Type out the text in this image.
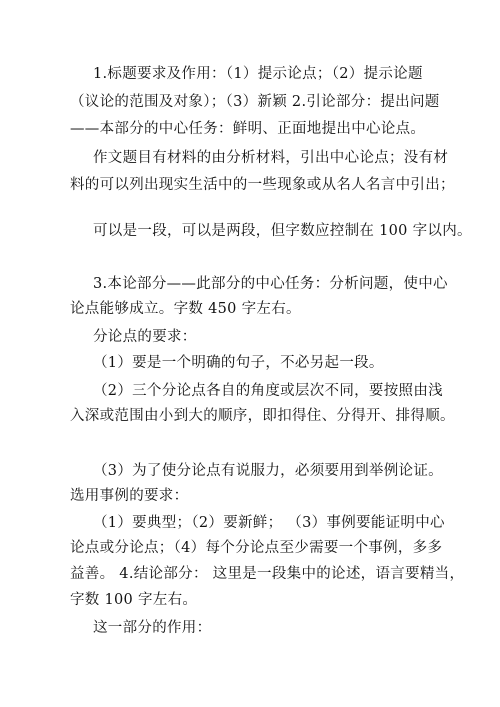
1.标题要求及作用：（1）提示论点；（2）提示论题
（议论的范围及对象）；（3）新颖 2.引论部分：提出问题
——本部分的中心任务：鲜明、正面地提出中心论点。
作文题目有材料的由分析材料，引出中心论点；没有材
料的可以列出现实生活中的一些现象或从名人名言中引出；
可以是一段，可以是两段，但字数应控制在 100 字以内。
3.本论部分——此部分的中心任务：分析问题，使中心
论点能够成立。字数 450 字左右。
分论点的要求：
（1）要是一个明确的句子，不必另起一段。
（2）三个分论点各自的角度或层次不同，要按照由浅
入深或范围由小到大的顺序，即扣得住、分得开、排得顺。
（3）为了使分论点有说服力，必须要用到举例论证。
选用事例的要求：
（1）要典型；（2）要新鲜； （3）事例要能证明中心
论点或分论点；（4）每个分论点至少需要一个事例，多多
益善。 4.结论部分： 这里是一段集中的论述，语言要精当，
字数 100 字左右。
这一部分的作用：
